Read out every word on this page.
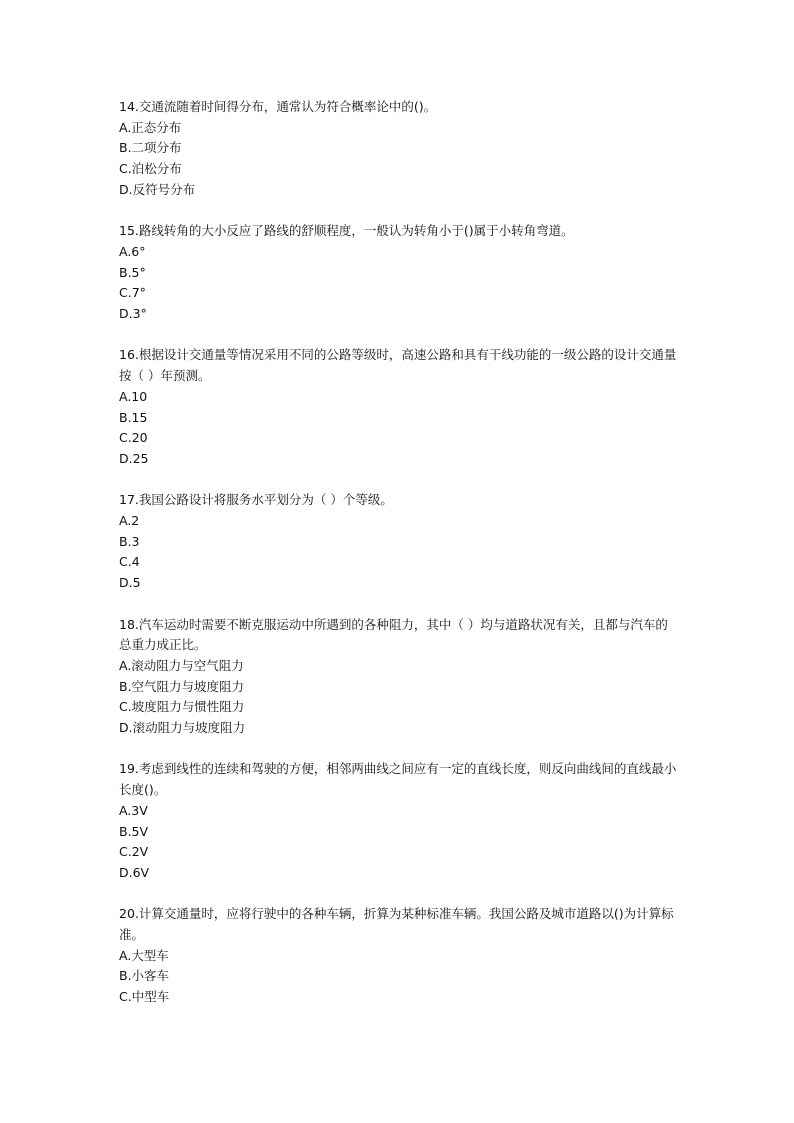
14.交通流随着时间得分布，通常认为符合概率论中的()。

A.正态分布

B.二项分布

C.泊松分布

D.反符号分布

15.路线转角的大小反应了路线的舒顺程度，一般认为转角小于()属于小转角弯道。

A.6°

B.5°

C.7°

D.3°

16.根据设计交通量等情况采用不同的公路等级时，高速公路和具有干线功能的一级公路的设计交通量按（ ）年预测。

A.10

B.15

C.20

D.25

17.我国公路设计将服务水平划分为（ ）个等级。

A.2

B.3

C.4

D.5

18.汽车运动时需要不断克服运动中所遇到的各种阻力，其中（ ）均与道路状况有关，且都与汽车的总重力成正比。

A.滚动阻力与空气阻力

B.空气阻力与坡度阻力

C.坡度阻力与惯性阻力

D.滚动阻力与坡度阻力

19.考虑到线性的连续和驾驶的方便，相邻两曲线之间应有一定的直线长度，则反向曲线间的直线最小长度()。

A.3V

B.5V

C.2V

D.6V

20.计算交通量时，应将行驶中的各种车辆，折算为某种标准车辆。我国公路及城市道路以()为计算标准。

A.大型车

B.小客车

C.中型车
